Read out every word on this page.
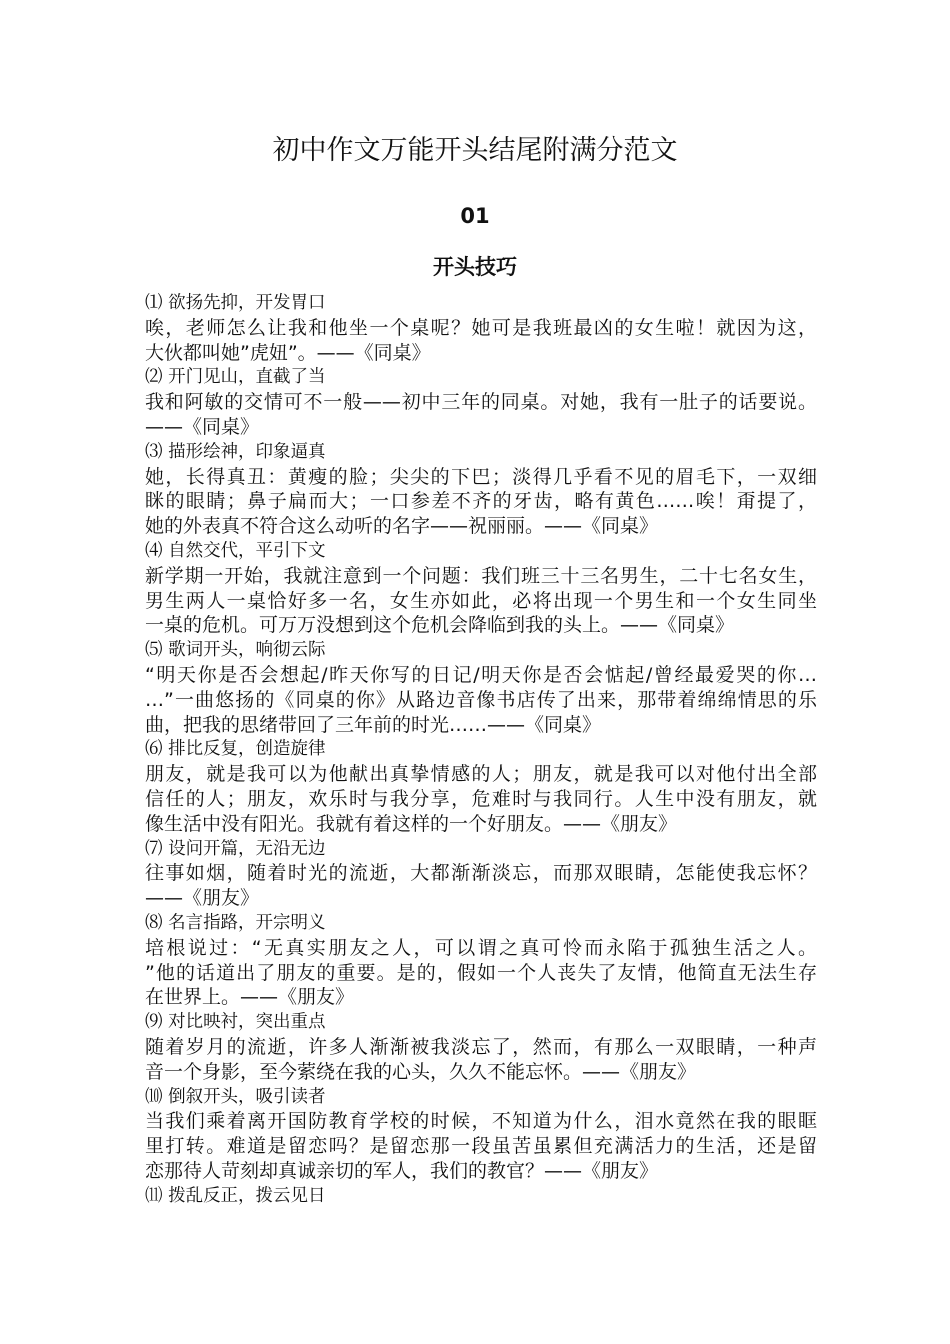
初中作文万能开头结尾附满分范文
01
开头技巧
⑴ 欲扬先抑，开发胃口
唉，老师怎么让我和他坐一个桌呢？她可是我班最凶的女生啦！就因为这，
大伙都叫她”虎妞”。——《同桌》
⑵ 开门见山，直截了当
我和阿敏的交情可不一般——初中三年的同桌。对她，我有一肚子的话要说。
——《同桌》
⑶ 描形绘神，印象逼真
她，长得真丑：黄瘦的脸；尖尖的下巴；淡得几乎看不见的眉毛下，一双细
眯的眼睛；鼻子扁而大；一口参差不齐的牙齿，略有黄色……唉！甭提了，
她的外表真不符合这么动听的名字——祝丽丽。——《同桌》
⑷ 自然交代，平引下文
新学期一开始，我就注意到一个问题：我们班三十三名男生，二十七名女生，
男生两人一桌恰好多一名，女生亦如此，必将出现一个男生和一个女生同坐
一桌的危机。可万万没想到这个危机会降临到我的头上。——《同桌》
⑸ 歌词开头，响彻云际
“明天你是否会想起/昨天你写的日记/明天你是否会惦起/曾经最爱哭的你…
…”一曲悠扬的《同桌的你》从路边音像书店传了出来，那带着绵绵情思的乐
曲，把我的思绪带回了三年前的时光……——《同桌》
⑹ 排比反复，创造旋律
朋友，就是我可以为他献出真挚情感的人；朋友，就是我可以对他付出全部
信任的人；朋友，欢乐时与我分享，危难时与我同行。人生中没有朋友，就
像生活中没有阳光。我就有着这样的一个好朋友。——《朋友》
⑺ 设问开篇，无沿无边
往事如烟，随着时光的流逝，大都渐渐淡忘，而那双眼睛，怎能使我忘怀？
——《朋友》
⑻ 名言指路，开宗明义
培根说过：“无真实朋友之人，可以谓之真可怜而永陷于孤独生活之人。
”他的话道出了朋友的重要。是的，假如一个人丧失了友情，他简直无法生存
在世界上。——《朋友》
⑼ 对比映衬，突出重点
随着岁月的流逝，许多人渐渐被我淡忘了，然而，有那么一双眼睛，一种声
音一个身影，至今萦绕在我的心头，久久不能忘怀。——《朋友》
⑽ 倒叙开头，吸引读者
当我们乘着离开国防教育学校的时候，不知道为什么，泪水竟然在我的眼眶
里打转。难道是留恋吗？是留恋那一段虽苦虽累但充满活力的生活，还是留
恋那待人苛刻却真诚亲切的军人，我们的教官？——《朋友》
⑾ 拨乱反正，拨云见日
